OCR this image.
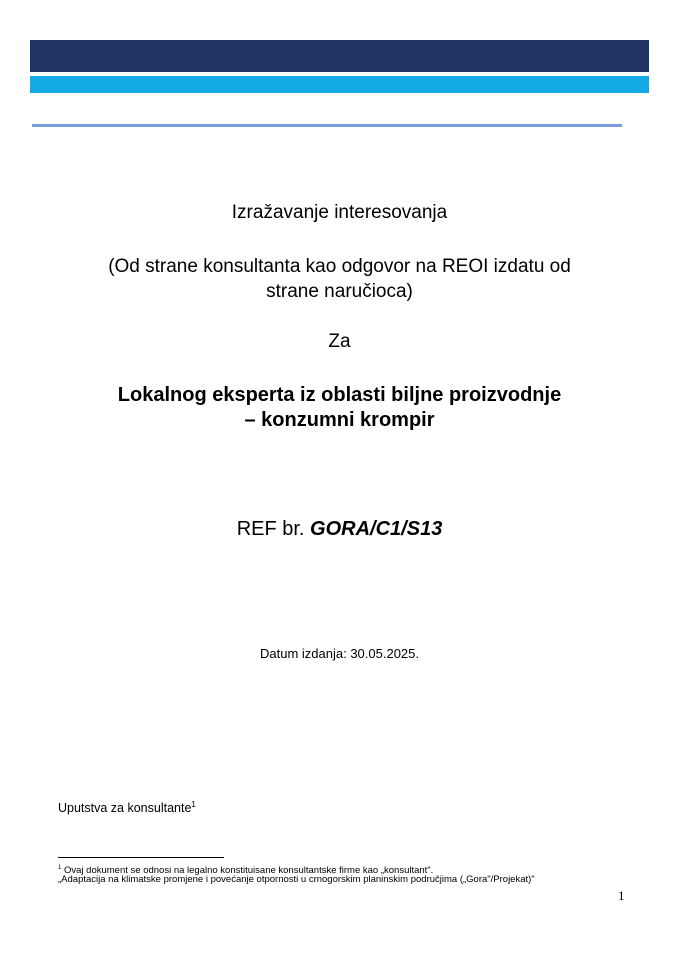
Izražavanje interesovanja
(Od strane konsultanta kao odgovor na REOI izdatu od
strane naručioca)
Za
Lokalnog eksperta iz oblasti biljne proizvodnje
– konzumni krompir
REF br. GORA/C1/S13
Datum izdanja: 30.05.2025.
Uputstva za konsultante$^1$
$^1$ Ovaj dokument se odnosi na legalno konstituisane konsultantske firme kao „konsultant".
„Adaptacija na klimatske promjene i povećanje otpornosti u crnogorskim planinskim područjima („Gora"/Projekat)"
1
